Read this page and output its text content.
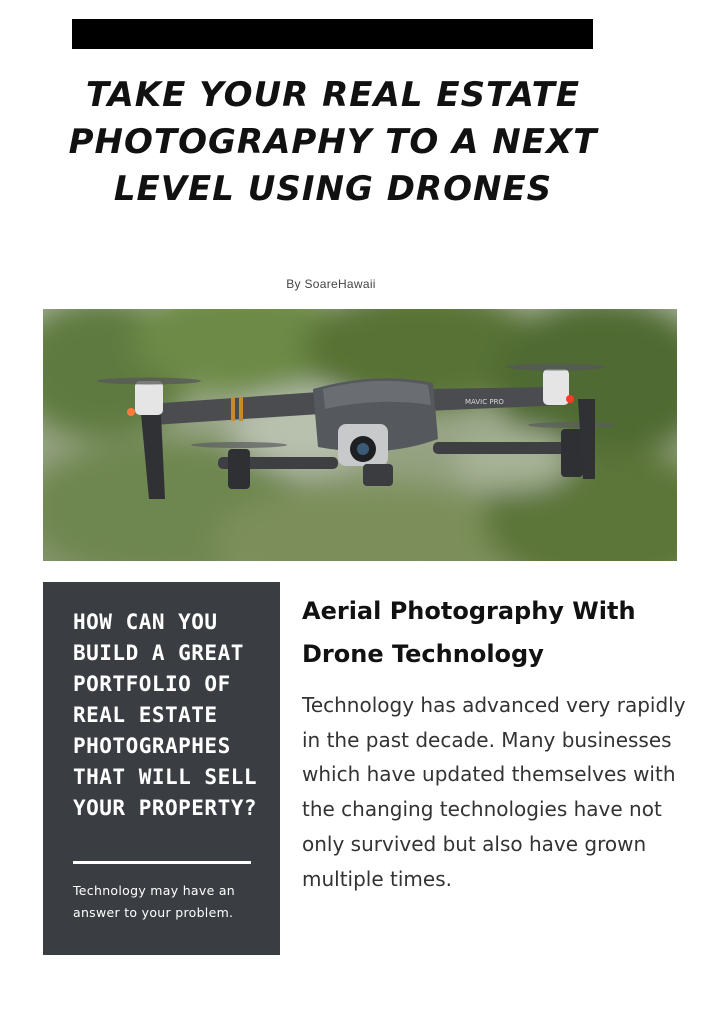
TAKE YOUR REAL ESTATE PHOTOGRAPHY TO A NEXT LEVEL USING DRONES
By SoareHawaii
MAVIC PRO
HOW CAN YOU BUILD A GREAT PORTFOLIO OF REAL ESTATE PHOTOGRAPHES THAT WILL SELL YOUR PROPERTY?
Technology may have an answer to your problem.
Aerial Photography With Drone Technology

Technology has advanced very rapidly in the past decade. Many businesses which have updated themselves with the changing technologies have not only survived but also have grown multiple times.
